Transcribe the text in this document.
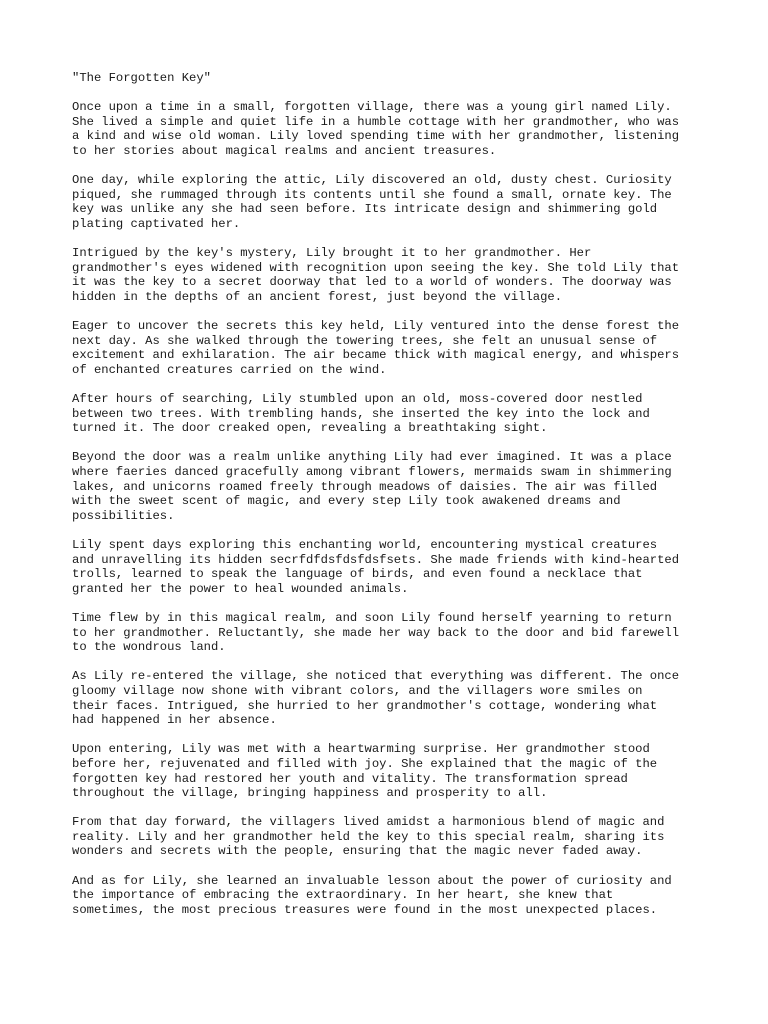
"The Forgotten Key"
Once upon a time in a small, forgotten village, there was a young girl named Lily.
She lived a simple and quiet life in a humble cottage with her grandmother, who was
a kind and wise old woman. Lily loved spending time with her grandmother, listening
to her stories about magical realms and ancient treasures.
One day, while exploring the attic, Lily discovered an old, dusty chest. Curiosity
piqued, she rummaged through its contents until she found a small, ornate key. The
key was unlike any she had seen before. Its intricate design and shimmering gold
plating captivated her.
Intrigued by the key's mystery, Lily brought it to her grandmother. Her
grandmother's eyes widened with recognition upon seeing the key. She told Lily that
it was the key to a secret doorway that led to a world of wonders. The doorway was
hidden in the depths of an ancient forest, just beyond the village.
Eager to uncover the secrets this key held, Lily ventured into the dense forest the
next day. As she walked through the towering trees, she felt an unusual sense of
excitement and exhilaration. The air became thick with magical energy, and whispers
of enchanted creatures carried on the wind.
After hours of searching, Lily stumbled upon an old, moss-covered door nestled
between two trees. With trembling hands, she inserted the key into the lock and
turned it. The door creaked open, revealing a breathtaking sight.
Beyond the door was a realm unlike anything Lily had ever imagined. It was a place
where faeries danced gracefully among vibrant flowers, mermaids swam in shimmering
lakes, and unicorns roamed freely through meadows of daisies. The air was filled
with the sweet scent of magic, and every step Lily took awakened dreams and
possibilities.
Lily spent days exploring this enchanting world, encountering mystical creatures
and unravelling its hidden secrfdfdsfdsfdsfsets. She made friends with kind-hearted
trolls, learned to speak the language of birds, and even found a necklace that
granted her the power to heal wounded animals.
Time flew by in this magical realm, and soon Lily found herself yearning to return
to her grandmother. Reluctantly, she made her way back to the door and bid farewell
to the wondrous land.
As Lily re-entered the village, she noticed that everything was different. The once
gloomy village now shone with vibrant colors, and the villagers wore smiles on
their faces. Intrigued, she hurried to her grandmother's cottage, wondering what
had happened in her absence.
Upon entering, Lily was met with a heartwarming surprise. Her grandmother stood
before her, rejuvenated and filled with joy. She explained that the magic of the
forgotten key had restored her youth and vitality. The transformation spread
throughout the village, bringing happiness and prosperity to all.
From that day forward, the villagers lived amidst a harmonious blend of magic and
reality. Lily and her grandmother held the key to this special realm, sharing its
wonders and secrets with the people, ensuring that the magic never faded away.
And as for Lily, she learned an invaluable lesson about the power of curiosity and
the importance of embracing the extraordinary. In her heart, she knew that
sometimes, the most precious treasures were found in the most unexpected places.
